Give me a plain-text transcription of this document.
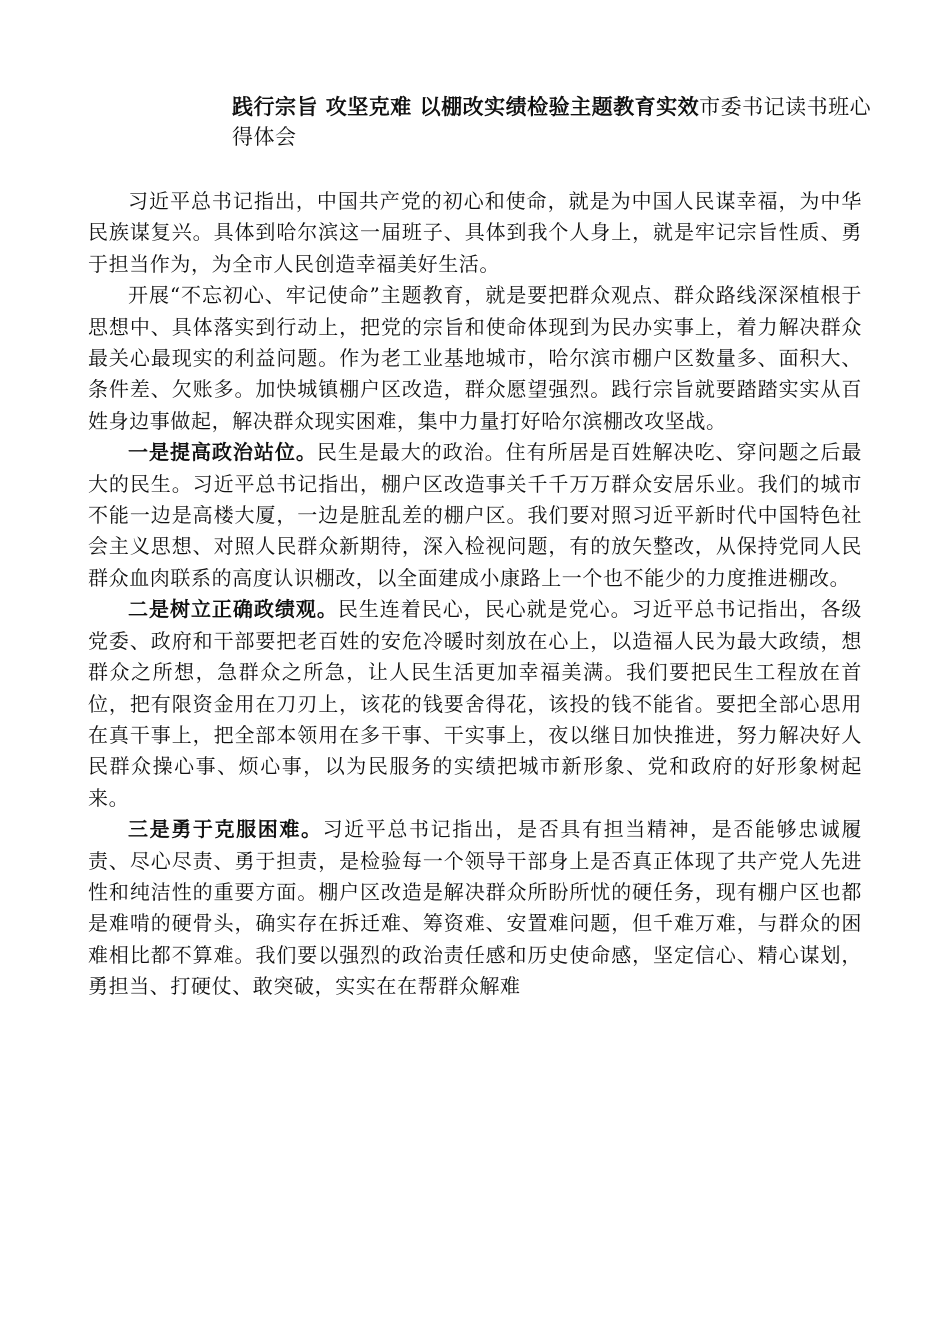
践行宗旨 攻坚克难 以棚改实绩检验主题教育实效市委书记读书班心得体会

习近平总书记指出，中国共产党的初心和使命，就是为中国人民谋幸福，为中华民族谋复兴。具体到哈尔滨这一届班子、具体到我个人身上，就是牢记宗旨性质、勇于担当作为，为全市人民创造幸福美好生活。

开展“不忘初心、牢记使命”主题教育，就是要把群众观点、群众路线深深植根于思想中、具体落实到行动上，把党的宗旨和使命体现到为民办实事上，着力解决群众最关心最现实的利益问题。作为老工业基地城市，哈尔滨市棚户区数量多、面积大、条件差、欠账多。加快城镇棚户区改造，群众愿望强烈。践行宗旨就要踏踏实实从百姓身边事做起，解决群众现实困难，集中力量打好哈尔滨棚改攻坚战。

一是提高政治站位。民生是最大的政治。住有所居是百姓解决吃、穿问题之后最大的民生。习近平总书记指出，棚户区改造事关千千万万群众安居乐业。我们的城市不能一边是高楼大厦，一边是脏乱差的棚户区。我们要对照习近平新时代中国特色社会主义思想、对照人民群众新期待，深入检视问题，有的放矢整改，从保持党同人民群众血肉联系的高度认识棚改，以全面建成小康路上一个也不能少的力度推进棚改。

二是树立正确政绩观。民生连着民心，民心就是党心。习近平总书记指出，各级党委、政府和干部要把老百姓的安危冷暖时刻放在心上，以造福人民为最大政绩，想群众之所想，急群众之所急，让人民生活更加幸福美满。我们要把民生工程放在首位，把有限资金用在刀刃上，该花的钱要舍得花，该投的钱不能省。要把全部心思用在真干事上，把全部本领用在多干事、干实事上，夜以继日加快推进，努力解决好人民群众操心事、烦心事，以为民服务的实绩把城市新形象、党和政府的好形象树起来。

三是勇于克服困难。习近平总书记指出，是否具有担当精神，是否能够忠诚履责、尽心尽责、勇于担责，是检验每一个领导干部身上是否真正体现了共产党人先进性和纯洁性的重要方面。棚户区改造是解决群众所盼所忧的硬任务，现有棚户区也都是难啃的硬骨头，确实存在拆迁难、筹资难、安置难问题，但千难万难，与群众的困难相比都不算难。我们要以强烈的政治责任感和历史使命感，坚定信心、精心谋划，勇担当、打硬仗、敢突破，实实在在帮群众解难
